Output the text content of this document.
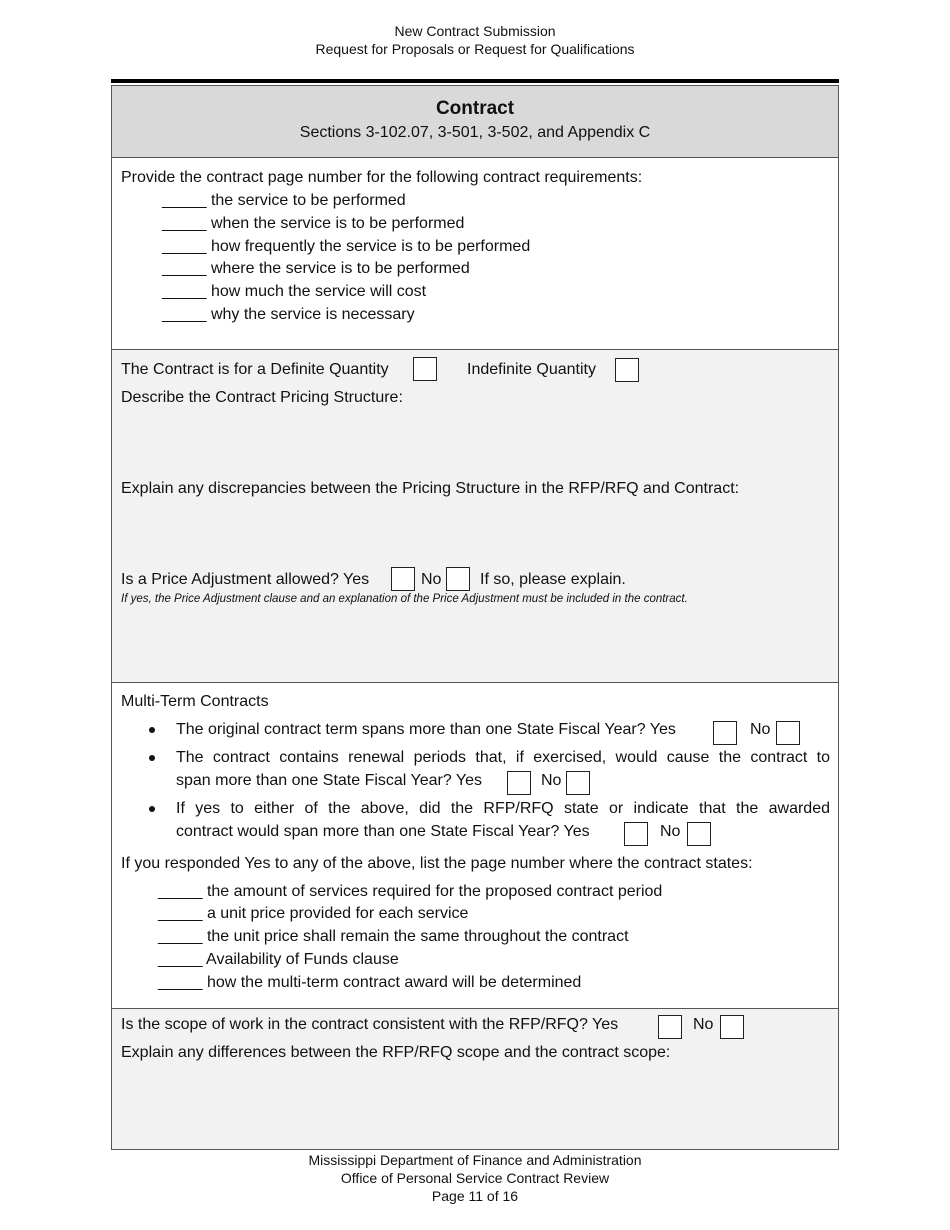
New Contract Submission
Request for Proposals or Request for Qualifications
Contract
Sections 3-102.07, 3-501, 3-502, and Appendix C
Provide the contract page number for the following contract requirements:
_____ the service to be performed
_____ when the service is to be performed
_____ how frequently the service is to be performed
_____ where the service is to be performed
_____ how much the service will cost
_____ why the service is necessary
The Contract is for a Definite Quantity	Indefinite Quantity
Describe the Contract Pricing Structure:
Explain any discrepancies between the Pricing Structure in the RFP/RFQ and Contract:
Is a Price Adjustment allowed? Yes	No If so, please explain.
If yes, the Price Adjustment clause and an explanation of the Price Adjustment must be included in the contract.
Multi-Term Contracts
The original contract term spans more than one State Fiscal Year? Yes	No
The contract contains renewal periods that, if exercised, would cause the contract to
span more than one State Fiscal Year? Yes	No
If yes to either of the above, did the RFP/RFQ state or indicate that the awarded
contract would span more than one State Fiscal Year? Yes	No
If you responded Yes to any of the above, list the page number where the contract states:
_____ the amount of services required for the proposed contract period
_____ a unit price provided for each service
_____ the unit price shall remain the same throughout the contract
_____ Availability of Funds clause
_____ how the multi-term contract award will be determined
Is the scope of work in the contract consistent with the RFP/RFQ? Yes	No
Explain any differences between the RFP/RFQ scope and the contract scope:
Mississippi Department of Finance and Administration
Office of Personal Service Contract Review
Page 11 of 16
